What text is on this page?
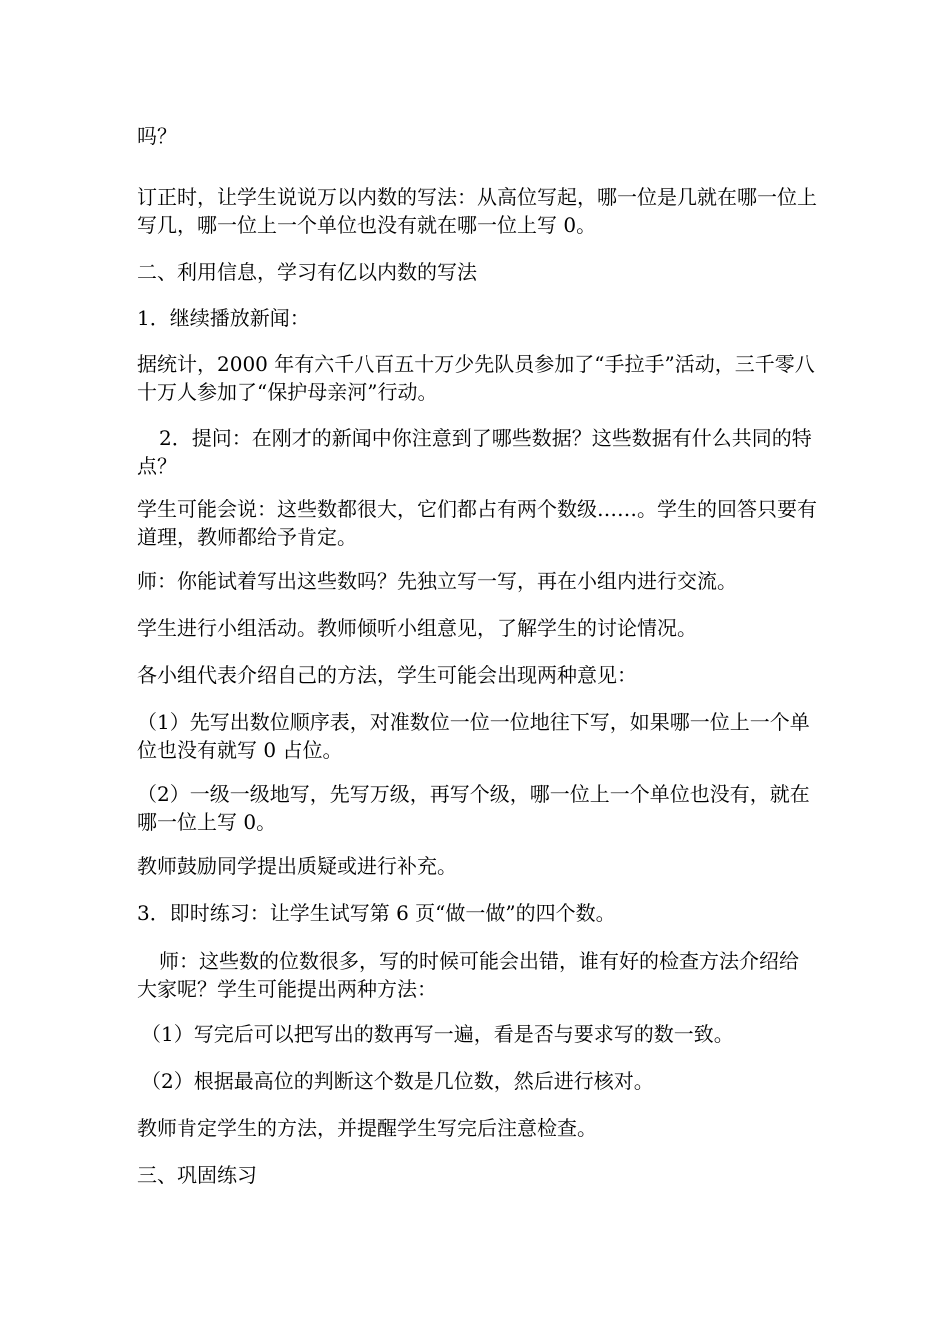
吗？

订正时，让学生说说万以内数的写法：从高位写起，哪一位是几就在哪一位上写几，哪一位上一个单位也没有就在哪一位上写 0。

二、利用信息，学习有亿以内数的写法

1．继续播放新闻：

据统计，2000 年有六千八百五十万少先队员参加了“手拉手”活动，三千零八十万人参加了“保护母亲河”行动。

2．提问：在刚才的新闻中你注意到了哪些数据？这些数据有什么共同的特点？

学生可能会说：这些数都很大，它们都占有两个数级……。学生的回答只要有道理，教师都给予肯定。

师：你能试着写出这些数吗？先独立写一写，再在小组内进行交流。

学生进行小组活动。教师倾听小组意见，了解学生的讨论情况。

各小组代表介绍自己的方法，学生可能会出现两种意见：

（1）先写出数位顺序表，对准数位一位一位地往下写，如果哪一位上一个单位也没有就写 0 占位。

（2）一级一级地写，先写万级，再写个级，哪一位上一个单位也没有，就在哪一位上写 0。

教师鼓励同学提出质疑或进行补充。

3．即时练习：让学生试写第 6 页“做一做”的四个数。

师：这些数的位数很多，写的时候可能会出错，谁有好的检查方法介绍给大家呢？学生可能提出两种方法：

（1）写完后可以把写出的数再写一遍，看是否与要求写的数一致。

（2）根据最高位的判断这个数是几位数，然后进行核对。

教师肯定学生的方法，并提醒学生写完后注意检查。

三、巩固练习
